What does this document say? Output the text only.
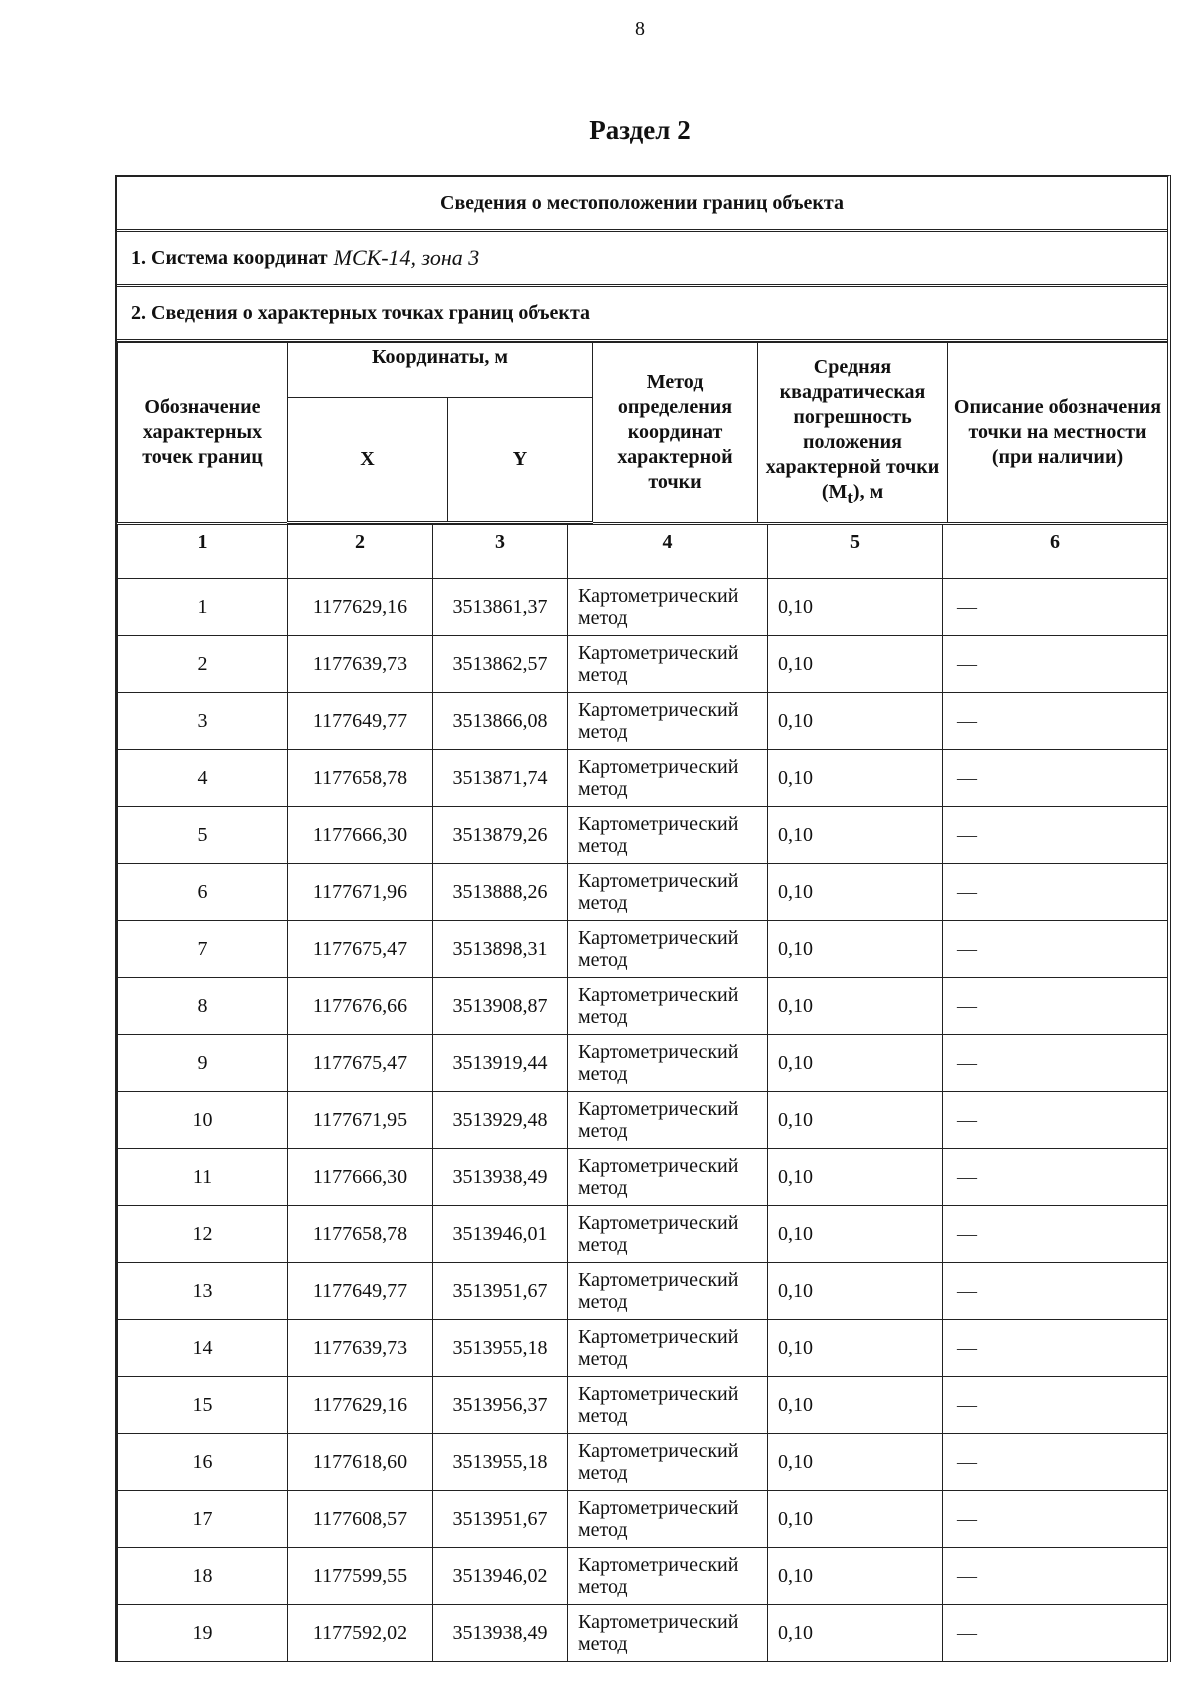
8
Раздел 2
Сведения о местоположении границ объекта
1. Система координат МСК-14, зона 3
2. Сведения о характерных точках границ объекта
Обозначение характерных точек границ	Координаты, м		Метод определения координат характерной точки	Средняя квадратическая погрешность положения характерной точки $(M_t)$, м	Описание обозначения точки на местности (при наличии)
	X	Y			
1	2	3	4	5	6
1	1177629,16	3513861,37	Картометрический метод	0,10	—
2	1177639,73	3513862,57	Картометрический метод	0,10	—
3	1177649,77	3513866,08	Картометрический метод	0,10	—
4	1177658,78	3513871,74	Картометрический метод	0,10	—
5	1177666,30	3513879,26	Картометрический метод	0,10	—
6	1177671,96	3513888,26	Картометрический метод	0,10	—
7	1177675,47	3513898,31	Картометрический метод	0,10	—
8	1177676,66	3513908,87	Картометрический метод	0,10	—
9	1177675,47	3513919,44	Картометрический метод	0,10	—
10	1177671,95	3513929,48	Картометрический метод	0,10	—
11	1177666,30	3513938,49	Картометрический метод	0,10	—
12	1177658,78	3513946,01	Картометрический метод	0,10	—
13	1177649,77	3513951,67	Картометрический метод	0,10	—
14	1177639,73	3513955,18	Картометрический метод	0,10	—
15	1177629,16	3513956,37	Картометрический метод	0,10	—
16	1177618,60	3513955,18	Картометрический метод	0,10	—
17	1177608,57	3513951,67	Картометрический метод	0,10	—
18	1177599,55	3513946,02	Картометрический метод	0,10	—
19	1177592,02	3513938,49	Картометрический метод	0,10	—
